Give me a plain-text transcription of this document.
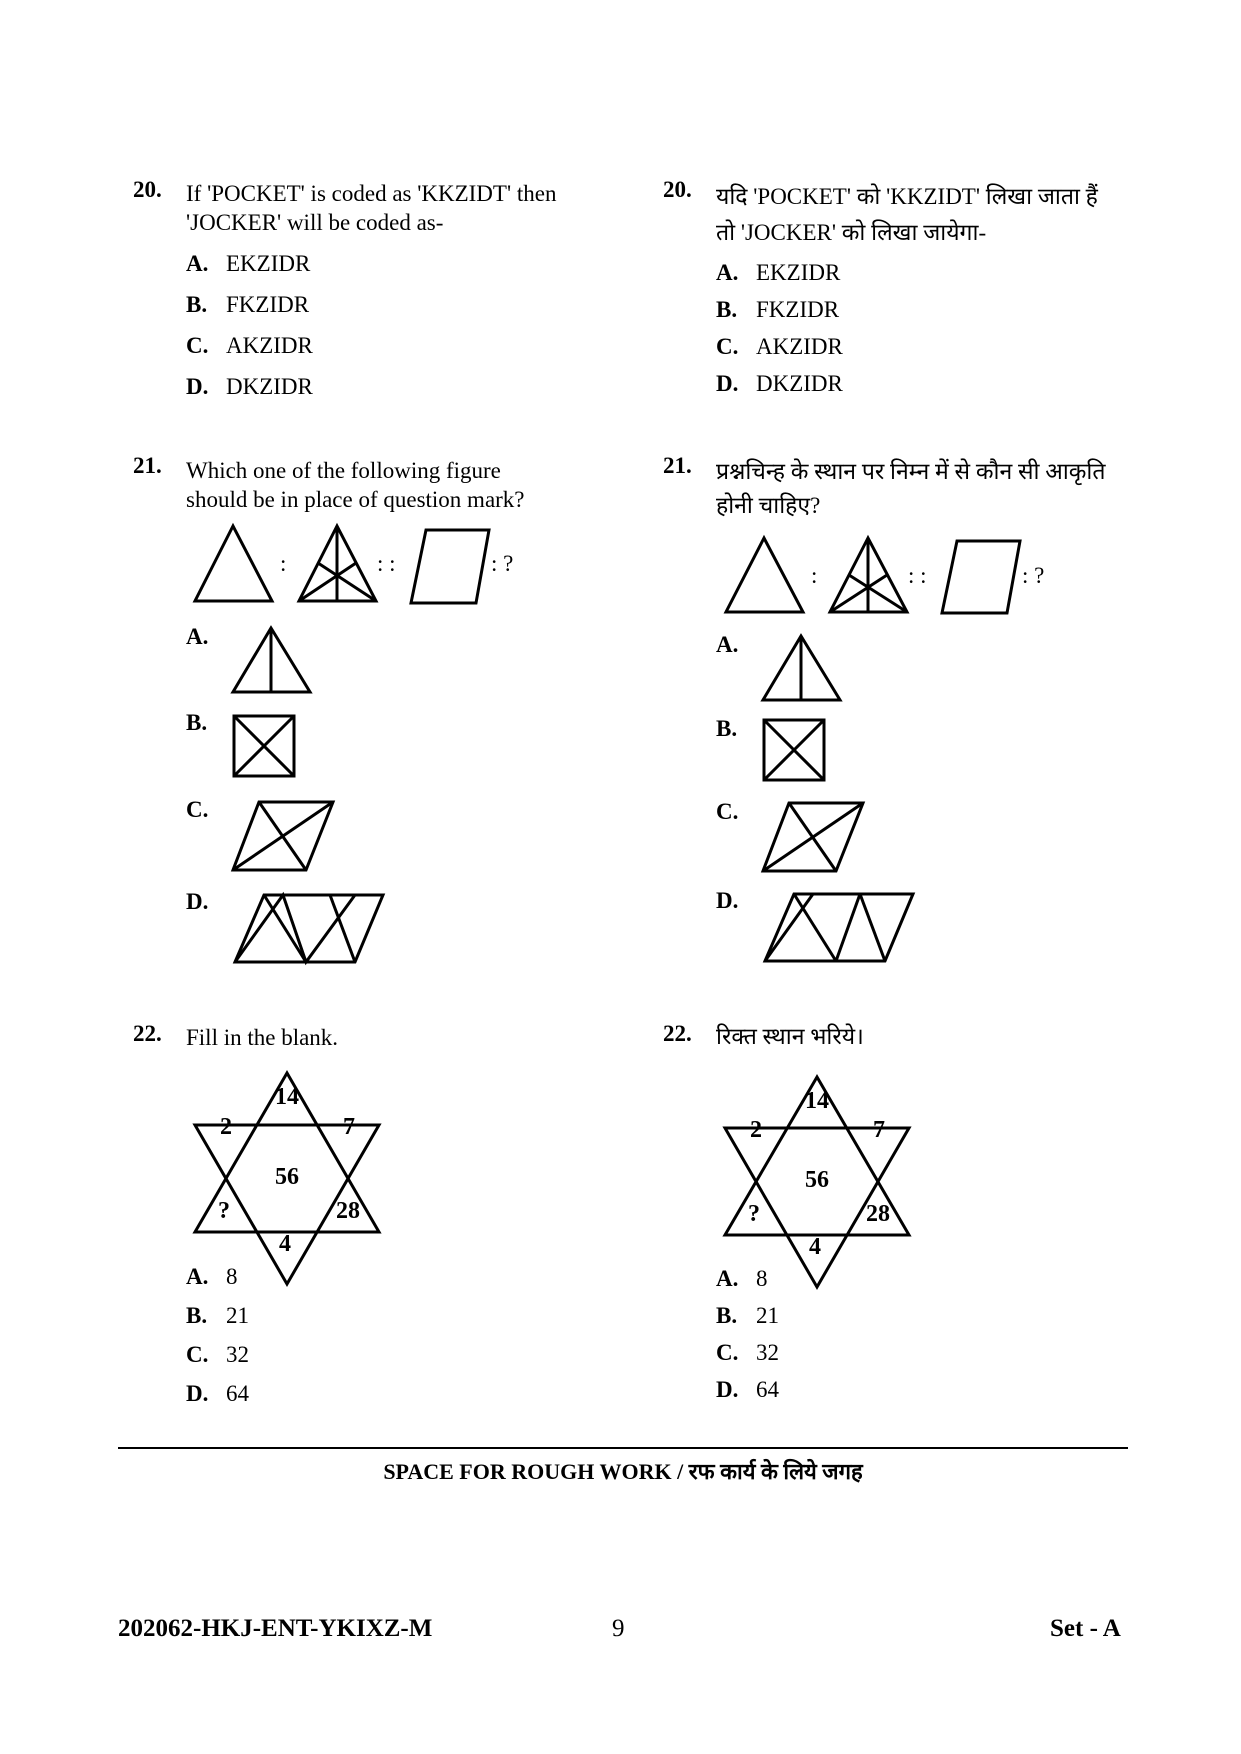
20. If 'POCKET' is coded as 'KKZIDT' then
'JOCKER' will be coded as-
A. EKZIDR
B. FKZIDR
C. AKZIDR
D. DKZIDR
20. यदि 'POCKET' को 'KKZIDT' लिखा जाता हैं
तो 'JOCKER' को लिखा जायेगा-
A. EKZIDR
B. FKZIDR
C. AKZIDR
D. DKZIDR
21. Which one of the following figure
should be in place of question mark?
:	: :	: ?
A.
B.
C.
D.
21. प्रश्नचिन्ह के स्थान पर निम्न में से कौन सी आकृति
होनी चाहिए?
:	: :	: ?
A.
B.
C.
D.
22. Fill in the blank.
14
2	7
56
?	28
4
A. 8
B. 21
C. 32
D. 64
22. रिक्त स्थान भरिये।
14
2	7
56
?	28
4
A. 8
B. 21
C. 32
D. 64
SPACE FOR ROUGH WORK / रफ कार्य के लिये जगह
202062-HKJ-ENT-YKIXZ-M	9	Set - A
